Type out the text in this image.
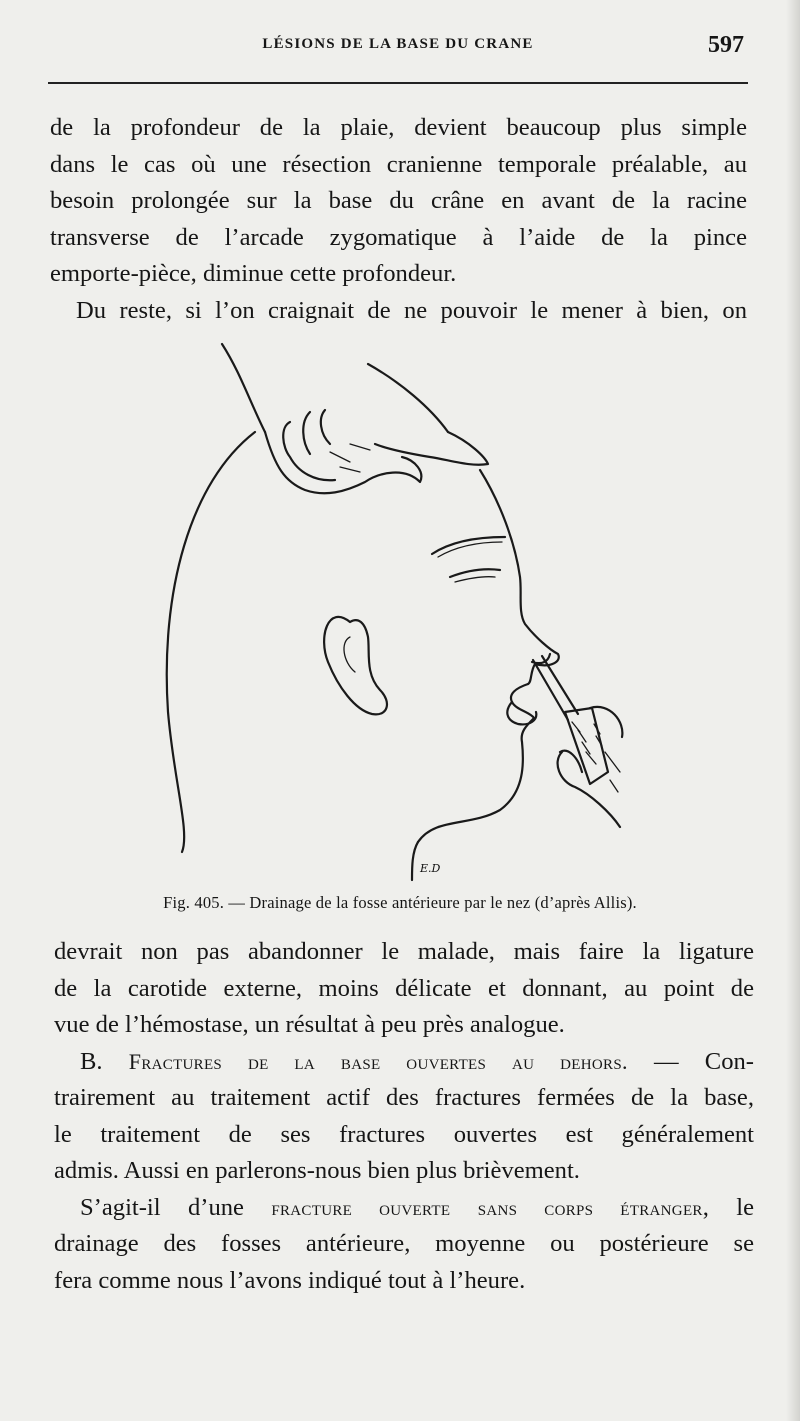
LÉSIONS DE LA BASE DU CRANE	597

de la profondeur de la plaie, devient beaucoup plus simple

dans le cas où une résection cranienne temporale préalable, au

besoin prolongée sur la base du crâne en avant de la racine

transverse de l’arcade zygomatique à l’aide de la pince

emporte-pièce, diminue cette profondeur.

Du reste, si l’on craignait de ne pouvoir le mener à bien, on

E.D
Fig. 405. — Drainage de la fosse antérieure par le nez (d’après Allis).

devrait non pas abandonner le malade, mais faire la ligature

de la carotide externe, moins délicate et donnant, au point de

vue de l’hémostase, un résultat à peu près analogue.

B. Fractures de la base ouvertes au dehors. — Con-

trairement au traitement actif des fractures fermées de la base,

le traitement de ses fractures ouvertes est généralement

admis. Aussi en parlerons-nous bien plus brièvement.

S’agit-il d’une fracture ouverte sans corps étranger, le

drainage des fosses antérieure, moyenne ou postérieure se

fera comme nous l’avons indiqué tout à l’heure.
